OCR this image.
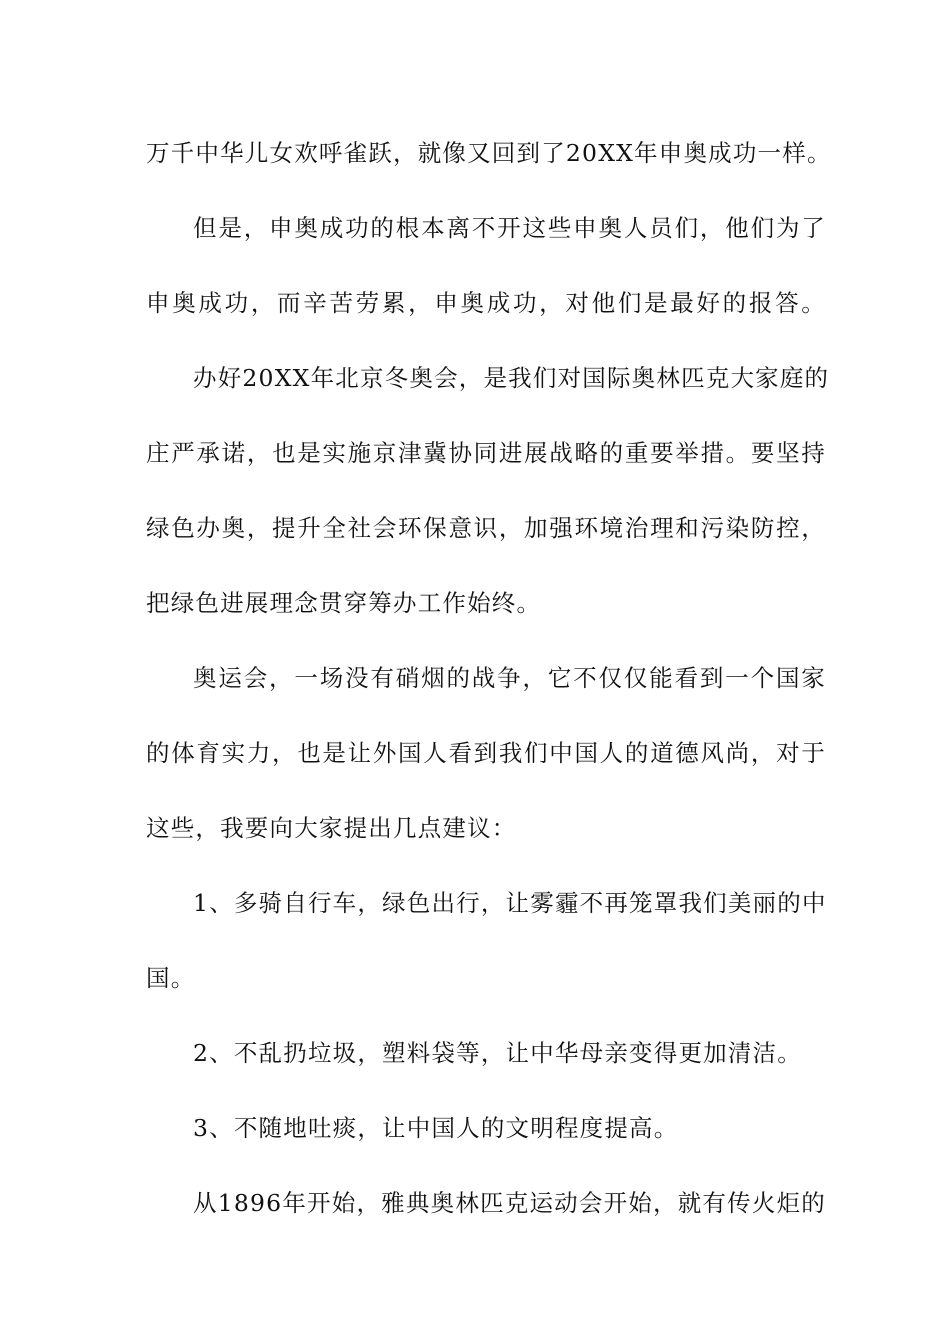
万千中华儿女欢呼雀跃，就像又回到了20XX年申奥成功一样。
但是，申奥成功的根本离不开这些申奥人员们，他们为了
申奥成功，而辛苦劳累，申奥成功，对他们是最好的报答。
办好20XX年北京冬奥会，是我们对国际奥林匹克大家庭的
庄严承诺，也是实施京津冀协同进展战略的重要举措。要坚持
绿色办奥，提升全社会环保意识，加强环境治理和污染防控，
把绿色进展理念贯穿筹办工作始终。
奥运会，一场没有硝烟的战争，它不仅仅能看到一个国家
的体育实力，也是让外国人看到我们中国人的道德风尚，对于
这些，我要向大家提出几点建议：
1、多骑自行车，绿色出行，让雾霾不再笼罩我们美丽的中
国。
2、不乱扔垃圾，塑料袋等，让中华母亲变得更加清洁。
3、不随地吐痰，让中国人的文明程度提高。
从1896年开始，雅典奥林匹克运动会开始，就有传火炬的
